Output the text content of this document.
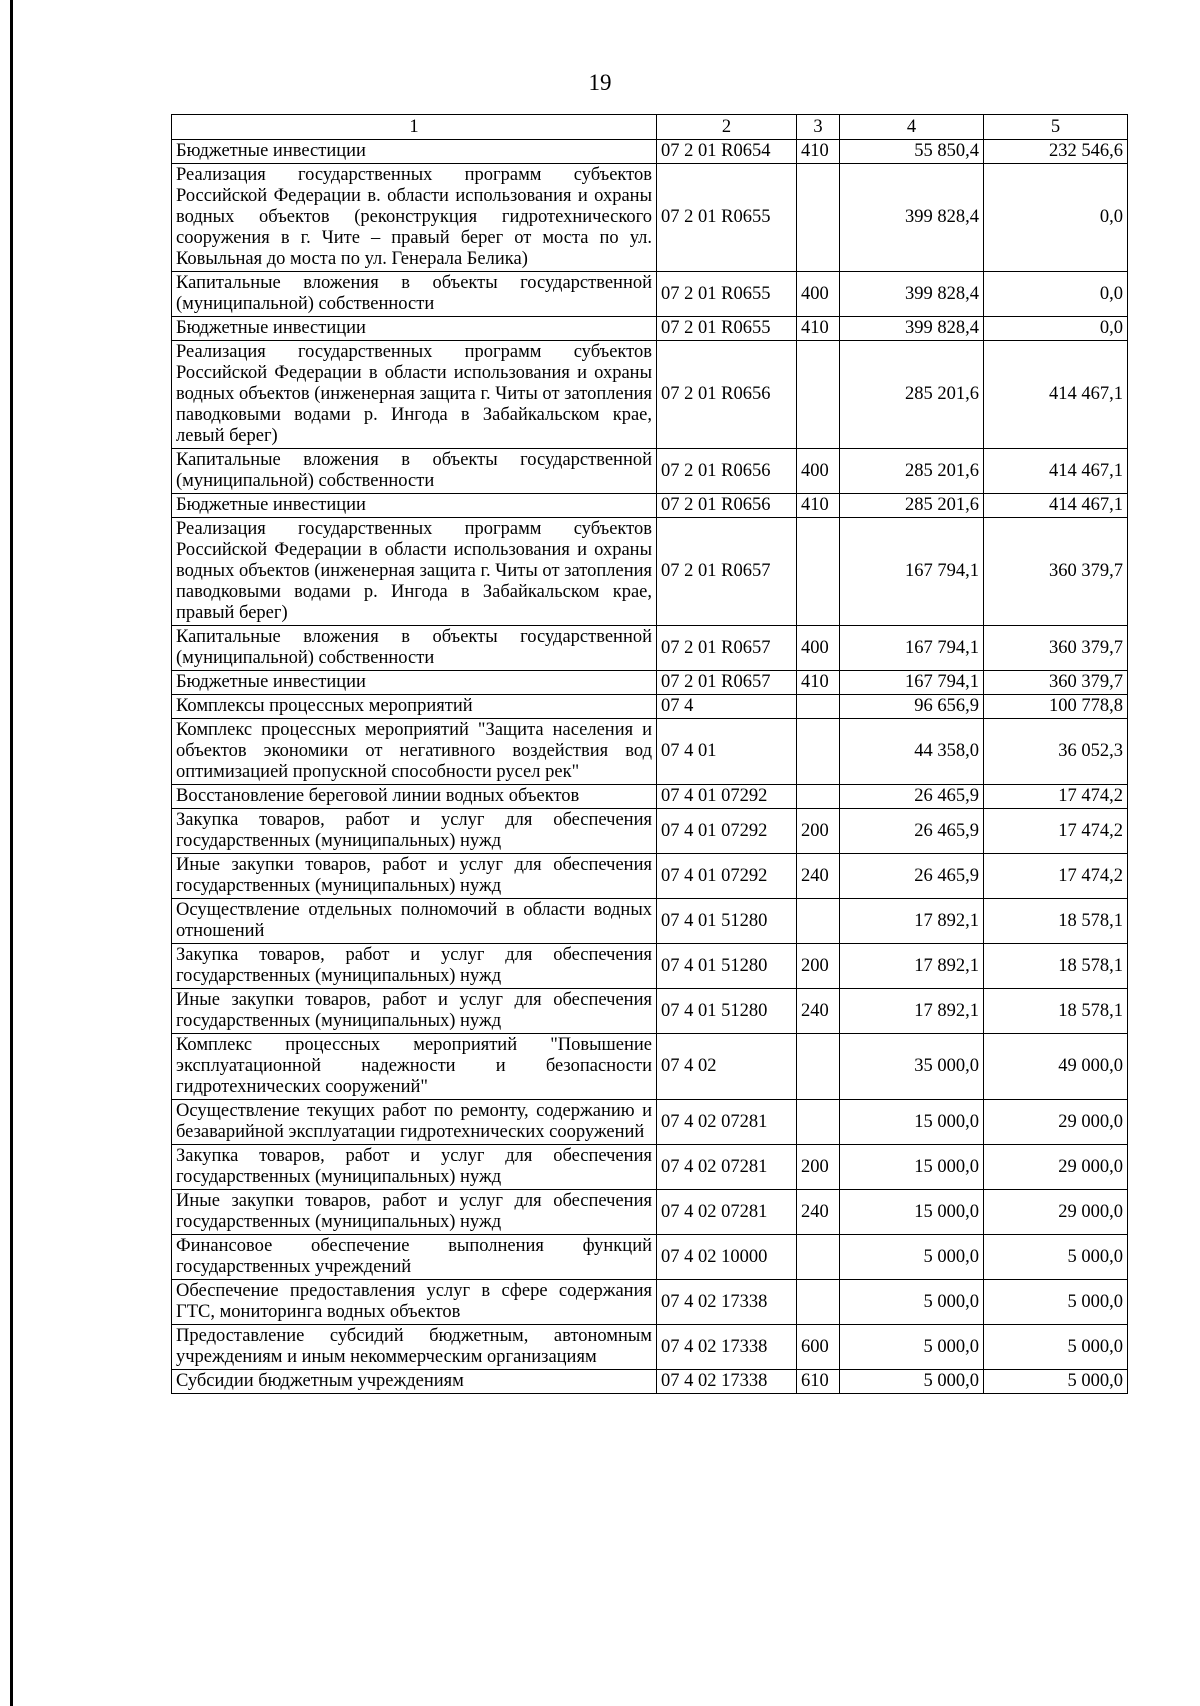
19
1	2	3	4	5
Бюджетные инвестиции	07 2 01 R0654	410	55 850,4	232 546,6
Реализация государственных программ субъектов Российской Федерации в. области использования и охраны водных объектов (реконструкция гидротехнического сооружения в г. Чите – правый берег от моста по ул. Ковыльная до моста по ул. Генерала Белика)	07 2 01 R0655		399 828,4	0,0
Капитальные вложения в объекты государственной (муниципальной) собственности	07 2 01 R0655	400	399 828,4	0,0
Бюджетные инвестиции	07 2 01 R0655	410	399 828,4	0,0
Реализация государственных программ субъектов Российской Федерации в области использования и охраны водных объектов (инженерная защита г. Читы от затопления паводковыми водами р. Ингода в Забайкальском крае, левый берег)	07 2 01 R0656		285 201,6	414 467,1
Капитальные вложения в объекты государственной (муниципальной) собственности	07 2 01 R0656	400	285 201,6	414 467,1
Бюджетные инвестиции	07 2 01 R0656	410	285 201,6	414 467,1
Реализация государственных программ субъектов Российской Федерации в области использования и охраны водных объектов (инженерная защита г. Читы от затопления паводковыми водами р. Ингода в Забайкальском крае, правый берег)	07 2 01 R0657		167 794,1	360 379,7
Капитальные вложения в объекты государственной (муниципальной) собственности	07 2 01 R0657	400	167 794,1	360 379,7
Бюджетные инвестиции	07 2 01 R0657	410	167 794,1	360 379,7
Комплексы процессных мероприятий	07 4		96 656,9	100 778,8
Комплекс процессных мероприятий "Защита населения и объектов экономики от негативного воздействия вод оптимизацией пропускной способности русел рек"	07 4 01		44 358,0	36 052,3
Восстановление береговой линии водных объектов	07 4 01 07292		26 465,9	17 474,2
Закупка товаров, работ и услуг для обеспечения государственных (муниципальных) нужд	07 4 01 07292	200	26 465,9	17 474,2
Иные закупки товаров, работ и услуг для обеспечения государственных (муниципальных) нужд	07 4 01 07292	240	26 465,9	17 474,2
Осуществление отдельных полномочий в области водных отношений	07 4 01 51280		17 892,1	18 578,1
Закупка товаров, работ и услуг для обеспечения государственных (муниципальных) нужд	07 4 01 51280	200	17 892,1	18 578,1
Иные закупки товаров, работ и услуг для обеспечения государственных (муниципальных) нужд	07 4 01 51280	240	17 892,1	18 578,1
Комплекс процессных мероприятий "Повышение эксплуатационной надежности и безопасности гидротехнических сооружений"	07 4 02		35 000,0	49 000,0
Осуществление текущих работ по ремонту, содержанию и безаварийной эксплуатации гидротехнических сооружений	07 4 02 07281		15 000,0	29 000,0
Закупка товаров, работ и услуг для обеспечения государственных (муниципальных) нужд	07 4 02 07281	200	15 000,0	29 000,0
Иные закупки товаров, работ и услуг для обеспечения государственных (муниципальных) нужд	07 4 02 07281	240	15 000,0	29 000,0
Финансовое обеспечение выполнения функций государственных учреждений	07 4 02 10000		5 000,0	5 000,0
Обеспечение предоставления услуг в сфере содержания ГТС, мониторинга водных объектов	07 4 02 17338		5 000,0	5 000,0
Предоставление субсидий бюджетным, автономным учреждениям и иным некоммерческим организациям	07 4 02 17338	600	5 000,0	5 000,0
Субсидии бюджетным учреждениям	07 4 02 17338	610	5 000,0	5 000,0
